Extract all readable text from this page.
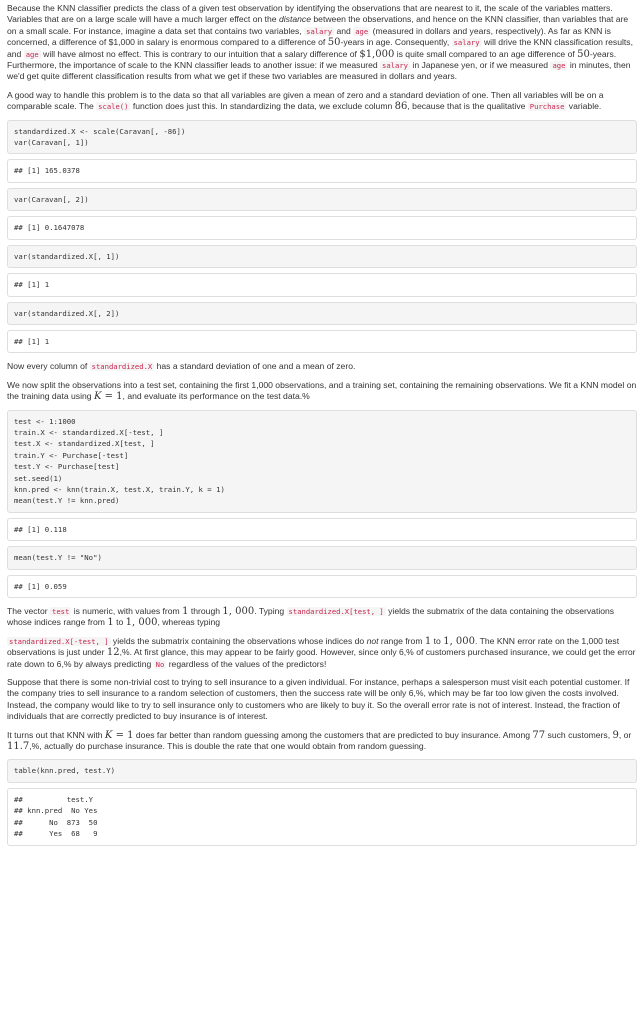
Because the KNN classifier predicts the class of a given test observation by identifying the observations that are nearest to it, the scale of the variables matters. Variables that are on a large scale will have a much larger effect on the distance between the observations, and hence on the KNN classifier, than variables that are on a small scale. For instance, imagine a data set that contains two variables, salary and age (measured in dollars and years, respectively). As far as KNN is concerned, a difference of $1,000 in salary is enormous compared to a difference of 50-years in age. Consequently, salary will drive the KNN classification results, and age will have almost no effect. This is contrary to our intuition that a salary difference of $1,000 is quite small compared to an age difference of 50-years. Furthermore, the importance of scale to the KNN classifier leads to another issue: if we measured salary in Japanese yen, or if we measured age in minutes, then we'd get quite different classification results from what we get if these two variables are measured in dollars and years.

A good way to handle this problem is to the data so that all variables are given a mean of zero and a standard deviation of one. Then all variables will be on a comparable scale. The scale() function does just this. In standardizing the data, we exclude column 86, because that is the qualitative Purchase variable.

standardized.X <- scale(Caravan[, -86])
var(Caravan[, 1])
## [1] 165.0378
var(Caravan[, 2])
## [1] 0.1647078
var(standardized.X[, 1])
## [1] 1
var(standardized.X[, 2])
## [1] 1

Now every column of standardized.X has a standard deviation of one and a mean of zero.

We now split the observations into a test set, containing the first 1,000 observations, and a training set, containing the remaining observations. We fit a KNN model on the training data using K = 1, and evaluate its performance on the test data.%

test <- 1:1000
train.X <- standardized.X[-test, ]
test.X <- standardized.X[test, ]
train.Y <- Purchase[-test]
test.Y <- Purchase[test]
set.seed(1)
knn.pred <- knn(train.X, test.X, train.Y, k = 1)
mean(test.Y != knn.pred)
## [1] 0.118
mean(test.Y != "No")
## [1] 0.059

The vector test is numeric, with values from 1 through 1, 000. Typing standardized.X[test, ] yields the submatrix of the data containing the observations whose indices range from 1 to 1, 000, whereas typing

standardized.X[-test, ] yields the submatrix containing the observations whose indices do not range from 1 to 1, 000. The KNN error rate on the 1,000 test observations is just under 12,%. At first glance, this may appear to be fairly good. However, since only 6,% of customers purchased insurance, we could get the error rate down to 6,% by always predicting No regardless of the values of the predictors!

Suppose that there is some non-trivial cost to trying to sell insurance to a given individual. For instance, perhaps a salesperson must visit each potential customer. If the company tries to sell insurance to a random selection of customers, then the success rate will be only 6,%, which may be far too low given the costs involved. Instead, the company would like to try to sell insurance only to customers who are likely to buy it. So the overall error rate is not of interest. Instead, the fraction of individuals that are correctly predicted to buy insurance is of interest.

It turns out that KNN with K = 1 does far better than random guessing among the customers that are predicted to buy insurance. Among 77 such customers, 9, or 11.7,%, actually do purchase insurance. This is double the rate that one would obtain from random guessing.

table(knn.pred, test.Y)
##          test.Y
## knn.pred  No Yes
##      No  873  50
##      Yes  68   9
